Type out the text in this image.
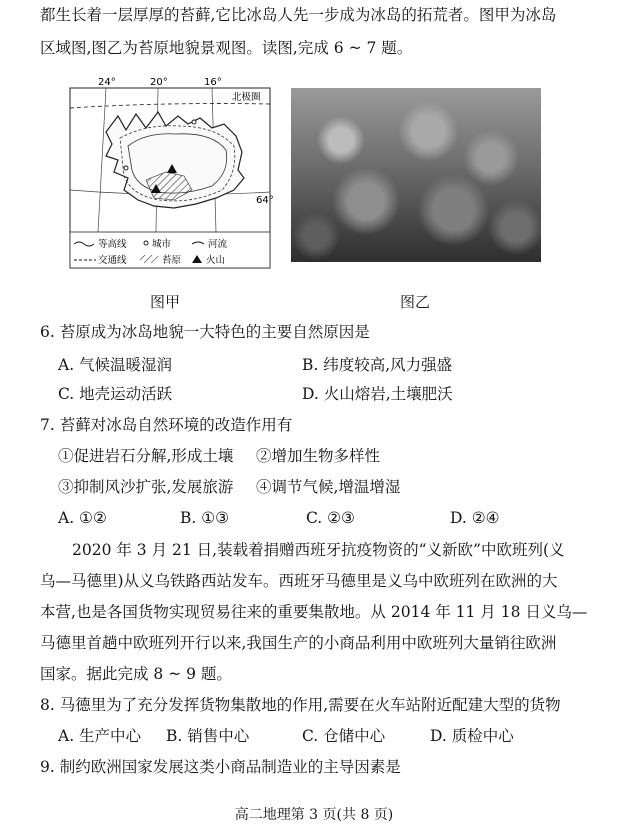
都生长着一层厚厚的苔藓,它比冰岛人先一步成为冰岛的拓荒者。图甲为冰岛
区域图,图乙为苔原地貌景观图。读图,完成 6 ~ 7 题。
24°	20°	16°
64°
北极圈
等高线	城市	河流
交通线	苔原	火山
图甲	图乙
6. 苔原成为冰岛地貌一大特色的主要自然原因是
A. 气候温暖湿润	B. 纬度较高,风力强盛
C. 地壳运动活跃	D. 火山熔岩,土壤肥沃
7. 苔藓对冰岛自然环境的改造作用有
①促进岩石分解,形成土壤 ②增加生物多样性
③抑制风沙扩张,发展旅游 ④调节气候,增温增湿
A. ①②	B. ①③	C. ②③	D. ②④
2020 年 3 月 21 日,装载着捐赠西班牙抗疫物资的“义新欧”中欧班列(义
乌—马德里)从义乌铁路西站发车。西班牙马德里是义乌中欧班列在欧洲的大
本营,也是各国货物实现贸易往来的重要集散地。从 2014 年 11 月 18 日义乌—
马德里首趟中欧班列开行以来,我国生产的小商品利用中欧班列大量销往欧洲
国家。据此完成 8 ~ 9 题。
8. 马德里为了充分发挥货物集散地的作用,需要在火车站附近配建大型的货物
A. 生产中心 B. 销售中心	C. 仓储中心	D. 质检中心
9. 制约欧洲国家发展这类小商品制造业的主导因素是
高二地理第 3 页(共 8 页)
